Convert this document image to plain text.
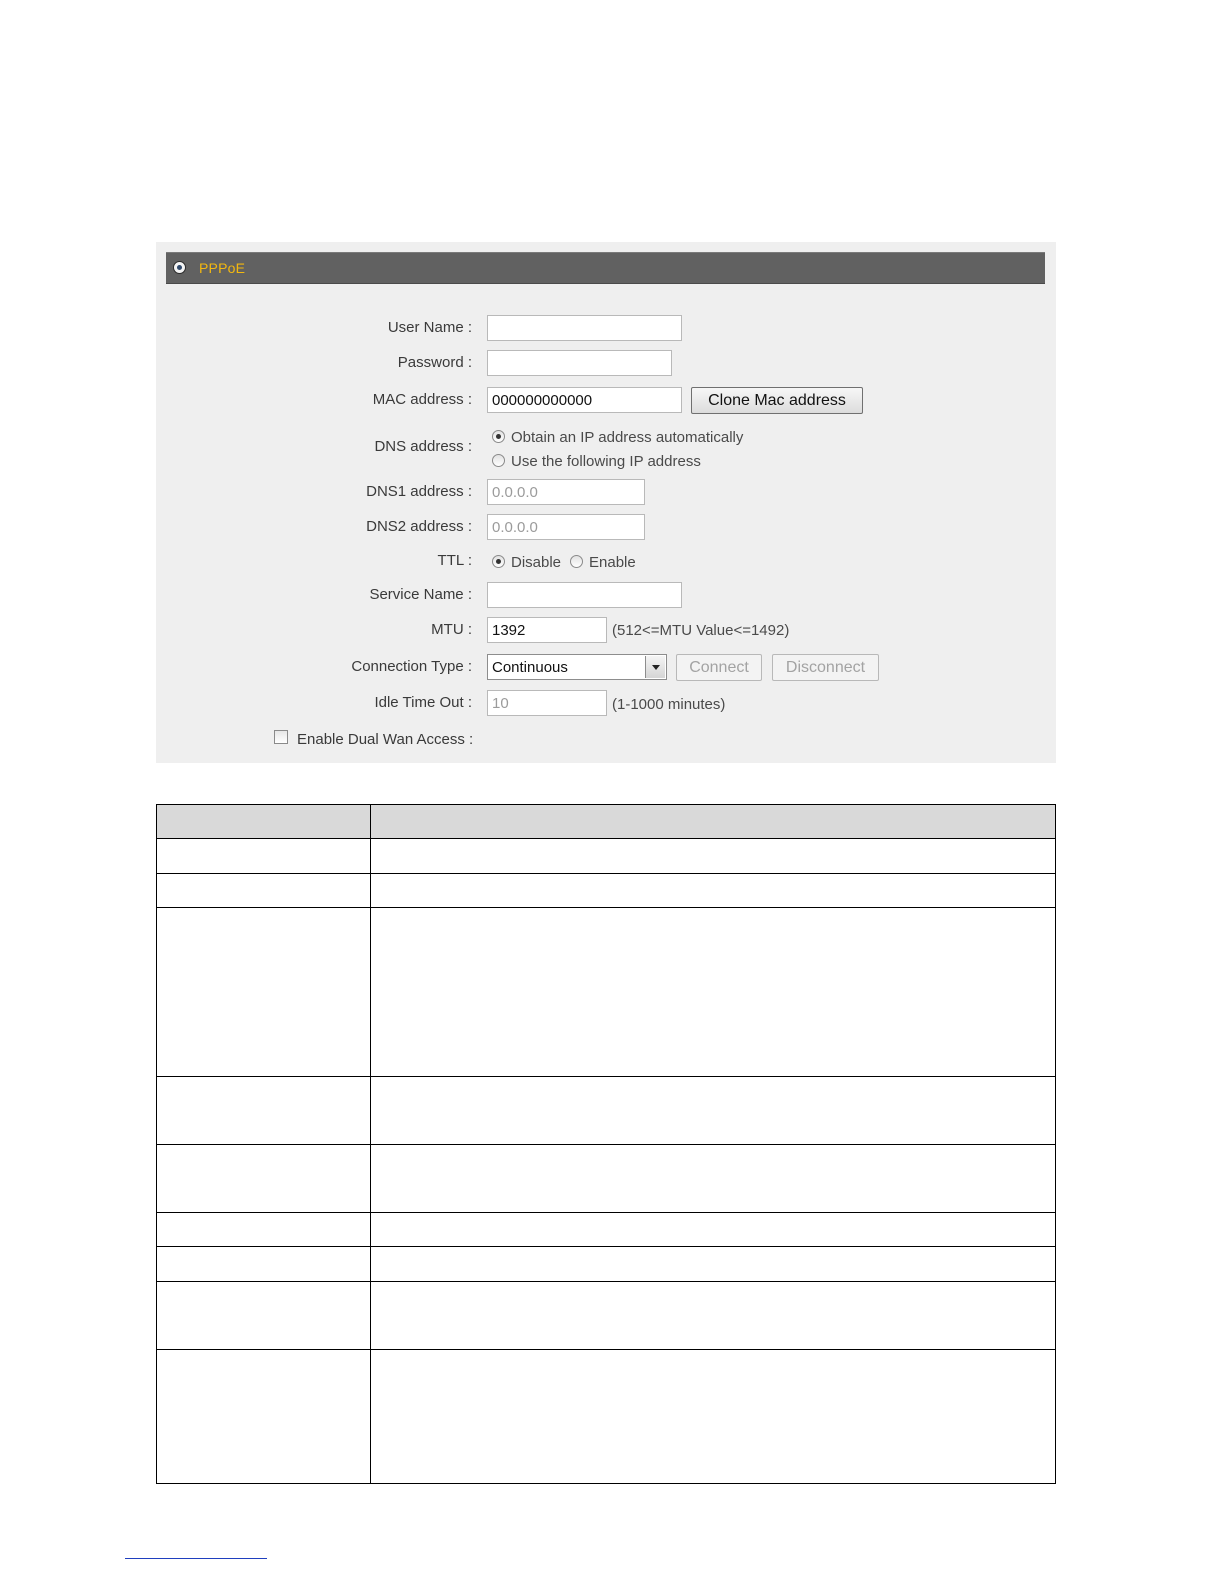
PPPoE
User Name :
Password :
MAC address :
000000000000	Clone Mac address
DNS address :
Obtain an IP address automatically
Use the following IP address
DNS1 address :
0.0.0.0
DNS2 address :
0.0.0.0
TTL :	Disable Enable
Service Name :
MTU :
1392	(512<=MTU Value<=1492)
Connection Type : Continuous	Connect	Disconnect
Idle Time Out :
10	(1-1000 minutes)
Enable Dual Wan Access :
